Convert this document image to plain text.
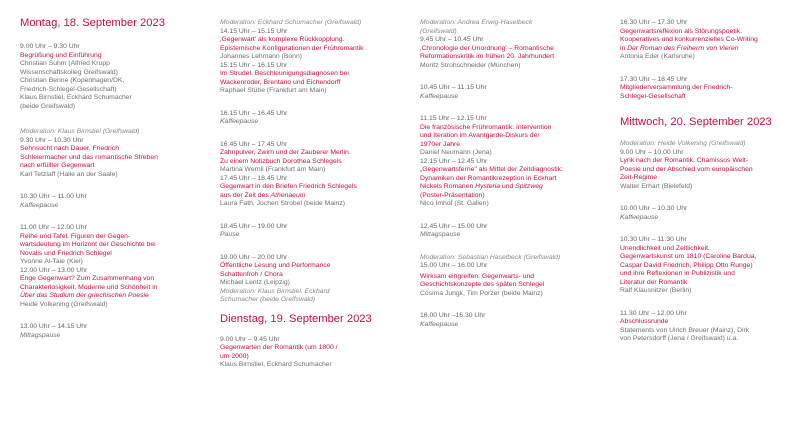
Montag, 18. September 2023
9.00 Uhr – 9.30 Uhr
Begrüßung und Einführung
Christian Suhm (Alfried Krupp
Wissenschaftskolleg Greifswald)
Christian Benne (Kopenhagen/DK,
Friedrich-Schlegel-Gesellschaft)
Klaus Birnstiel, Eckhard Schumacher
(beide Greifswald)
Moderation: Klaus Birnstiel (Greifswald)
9.30 Uhr – 10.30 Uhr
Sehnsucht nach Dauer. Friedrich
Schleiermacher und das romantische Streben
nach erfüllter Gegenwart
Karl Tetzlaff (Halle an der Saale)
10.30 Uhr – 11.00 Uhr
Kaffeepause
11.00 Uhr – 12.00 Uhr
Reihe und Tafel. Figuren der Gegen-
wartsdeutung im Horizont der Geschichte bei
Novalis und Friedrich Schlegel
Yvonne Al-Taie (Kiel)
12.00 Uhr – 13.00 Uhr
Enge Gegenwart? Zum Zusammenhang von
Charakterlosigkeit, Moderne und Schönheit in
Über das Studium der griechischen Poesie
Heide Volkening (Greifswald)
13.00 Uhr – 14.15 Uhr
Mittagspause
Moderation: Eckhard Schumacher (Greifswald)
14.15 Uhr – 15.15 Uhr
‚Gegenwart' als komplexe Rückkopplung.
Epistemische Konfigurationen der Frühromantik
Johannes Lehmann (Bonn)
15.15 Uhr – 16.15 Uhr
Im Strudel. Beschleunigungsdiagnosen bei
Wackenroder, Brentano und Eichendorff
Raphael Stübe (Frankfurt am Main)
16.15 Uhr – 16.45 Uhr
Kaffeepause
16.45 Uhr – 17.45 Uhr
Zahnpulver, Zwirn und der Zauberer Merlin.
Zu einem Notizbuch Dorothea Schlegels
Martina Wernli (Frankfurt am Main)
17.45 Uhr – 18.45 Uhr
Gegenwart in den Briefen Friedrich Schlegels
aus der Zeit des Athenaeum
Laura Fath, Jochen Strobel (beide Mainz)
18.45 Uhr – 19.00 Uhr
Pause
19.00 Uhr – 20.00 Uhr
Öffentliche Lesung und Performance
Schattenfroh / Chora
Michael Lentz (Leipzig)
Moderation: Klaus Birnstiel, Eckhard
Schumacher (beide Greifswald)
Dienstag, 19. September 2023
9.00 Uhr – 9.45 Uhr
Gegenwarten der Romantik (um 1800 /
um 2000)
Klaus Birnstiel, Eckhard Schumacher
Moderation: Andrea Erwig-Haselbeck
(Greifswald)
9.45 Uhr – 10.45 Uhr
‚Chronologie der Unordnung' – Romantische
Reformationskritik im frühen 20. Jahrhundert
Moritz Strohschneider (München)
10.45 Uhr – 11.15 Uhr
Kaffeepause
11.15 Uhr – 12.15 Uhr
Die französische Frühromantik: Intervention
und Iteration im Avantgarde-Diskurs der
1970er Jahre
Daniel Neumann (Jena)
12.15 Uhr – 12.45 Uhr
„Gegenwartsferne" als Mittel der Zeitdiagnostik:
Dynamiken der Romantikrezeption in Eckhart
Nickels Romanen Hysteria und Spitzweg
(Poster-Präsentation)
Nico Imhof (St. Gallen)
12.45 Uhr – 15.00 Uhr
Mittagspause
Moderation: Sebastian Haselbeck (Greifswald)
15.00 Uhr – 16.00 Uhr
Wirksam eingreifen. Gegenwarts- und
Geschichtskonzepte des späten Schlegel
Cosima Jungk, Tim Porzer (beide Mainz)
16.00 Uhr –16.30 Uhr
Kaffeepause
16.30 Uhr – 17.30 Uhr
Gegenwartsreflexion als Störungspoetik.
Kooperatives und konkurrenzielles Co-Writing
in Der Roman des Freiherrn von Vieren
Antonia Eder (Karlsruhe)
17.30 Uhr – 18.45 Uhr
Mitgliederversammlung der Friedrich-
Schlegel-Gesellschaft
Mittwoch, 20. September 2023
Moderation: Heide Volkening (Greifswald)
9.00 Uhr – 10.00 Uhr
Lyrik nach der Romantik. Chamissos Welt-
Poesie und der Abschied vom europäischen
Zeit-Regime
Walter Erhart (Bielefeld)
10.00 Uhr – 10.30 Uhr
Kaffeepause
10.30 Uhr – 11.30 Uhr
Unendlichkeit und Zeitlichkeit.
Gegenwartskunst um 1810 (Caroline Bardua,
Caspar David Friedrich, Philipp Otto Runge)
und ihre Reflexionen in Publizistik und
Literatur der Romantik
Ralf Klausnitzer (Berlin)
11.30 Uhr – 12.00 Uhr
Abschlussrunde
Statements von Ulrich Breuer (Mainz), Dirk
von Petersdorff (Jena / Greifswald) u.a.
